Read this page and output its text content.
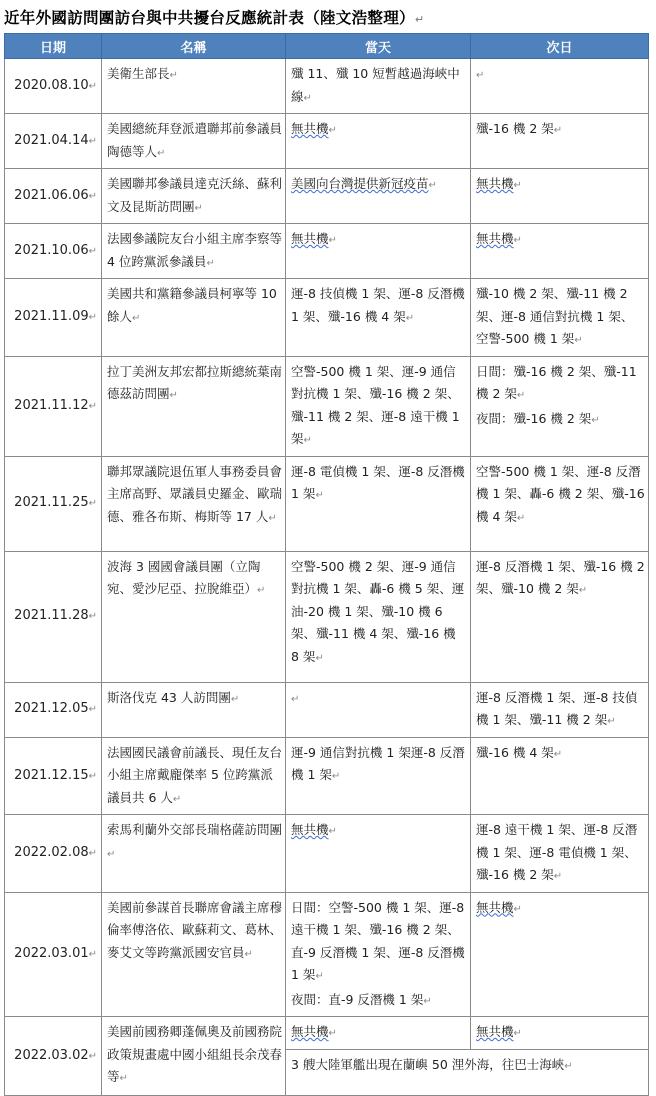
近年外國訪問團訪台與中共擾台反應統計表（陸文浩整理）↵
日期	名稱	當天	次日
2020.08.10↵	美衛生部長↵	殲 11、殲 10 短暫越過海峽中線↵	↵

2021.04.14↵	美國總統拜登派遣聯邦前參議員陶德等人↵	無共機↵	殲-16 機 2 架↵

2021.06.06↵	美國聯邦參議員達克沃絲、蘇利文及昆斯訪問團↵	美國向台灣提供新冠疫苗↵	無共機↵

2021.10.06↵	法國參議院友台小組主席李察等 4 位跨黨派參議員↵	無共機↵	無共機↵

2021.11.09↵	美國共和黨籍參議員柯寧等 10 餘人↵	運-8 技偵機 1 架、運-8 反潛機 1 架、殲-16 機 4 架↵	殲-10 機 2 架、殲-11 機 2 架、運-8 通信對抗機 1 架、空警-500 機 1 架↵

2021.11.12↵	拉丁美洲友邦宏都拉斯總統葉南德茲訪問團↵	空警-500 機 1 架、運-9 通信對抗機 1 架、殲-16 機 2 架、殲-11 機 2 架、運-8 遠干機 1 架↵	日間：殲-16 機 2 架、殲-11 機 2 架↵
夜間：殲-16 機 2 架↵

2021.11.25↵	聯邦眾議院退伍軍人事務委員會主席高野、眾議員史羅金、歐瑞德、雅各布斯、梅斯等 17 人↵	運-8 電偵機 1 架、運-8 反潛機 1 架↵	空警-500 機 1 架、運-8 反潛機 1 架、轟-6 機 2 架、殲-16 機 4 架↵

2021.11.28↵	波海 3 國國會議員團（立陶宛、愛沙尼亞、拉脫維亞）↵	空警-500 機 2 架、運-9 通信對抗機 1 架、轟-6 機 5 架、運油-20 機 1 架、殲-10 機 6 架、殲-11 機 4 架、殲-16 機 8 架↵	運-8 反潛機 1 架、殲-16 機 2 架、殲-10 機 2 架↵

2021.12.05↵	斯洛伐克 43 人訪問團↵	↵	運-8 反潛機 1 架、運-8 技偵機 1 架、殲-11 機 2 架↵

2021.12.15↵	法國國民議會前議長、現任友台小組主席戴龐傑率 5 位跨黨派議員共 6 人↵	運-9 通信對抗機 1 架運-8 反潛機 1 架↵	殲-16 機 4 架↵

2022.02.08↵	索馬利蘭外交部長瑞格薩訪問團↵	無共機↵	運-8 遠干機 1 架、運-8 反潛機 1 架、運-8 電偵機 1 架、殲-16 機 2 架↵

2022.03.01↵	美國前參謀首長聯席會議主席穆倫率傅洛依、歐蘇莉文、葛林、麥艾文等跨黨派國安官員↵	日間：空警-500 機 1 架、運-8 遠干機 1 架、殲-16 機 2 架、直-9 反潛機 1 架、運-8 反潛機 1 架↵
夜間：直-9 反潛機 1 架↵	無共機↵

2022.03.02↵	美國前國務卿蓬佩奧及前國務院政策規畫處中國小組組長余茂春等↵	無共機↵	無共機↵

		3 艘大陸軍艦出現在蘭嶼 50 浬外海，往巴士海峽↵	
